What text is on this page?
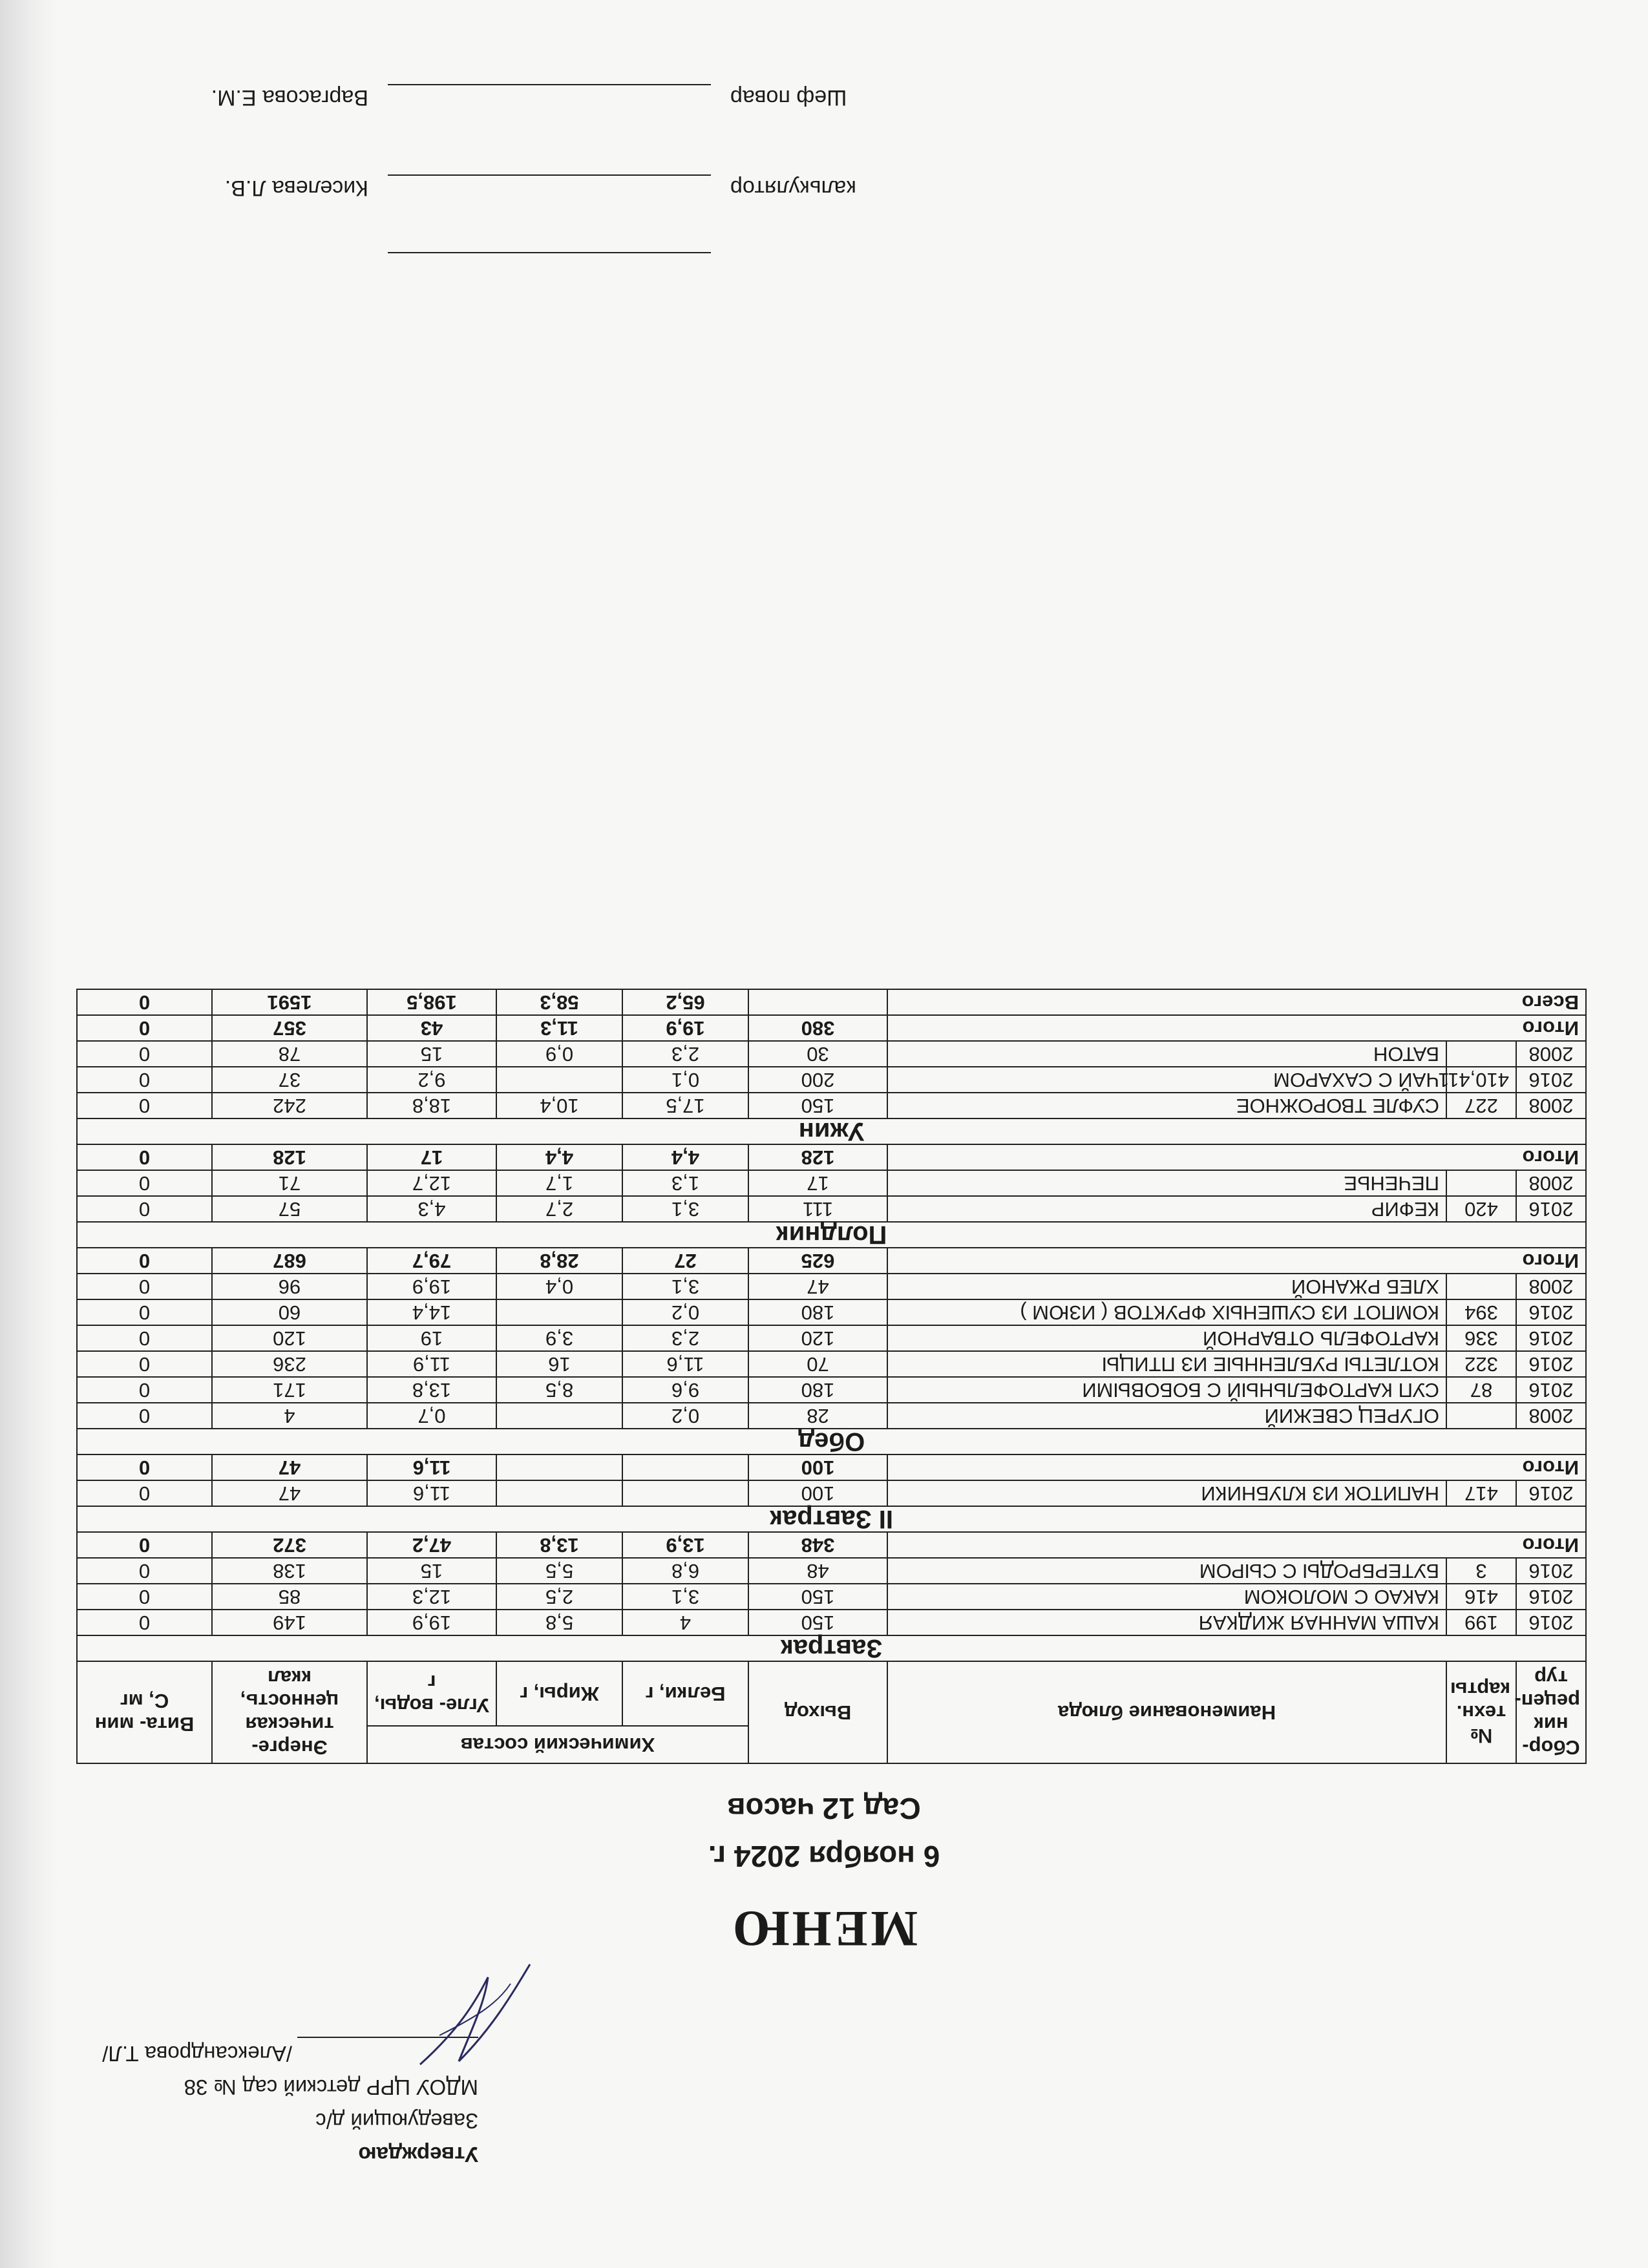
Утверждаю
Заведующий д/с
МДОУ ЦРР детский сад № 38
/Александрова Т.Л/
МЕНЮ
6 ноября 2024 г.
Сад 12 часов
Сбор- ник рецеп- тур	№ техн. карты	Наименование блюда	Выход	Химический состав			Энерге- тическая ценность, ккал	Вита- мин С, мг
				Белки, г	Жиры, г	Угле- воды, г		
Завтрак								
2016	199	КАША МАННАЯ ЖИДКАЯ	150	4	5,8	19,9	149	0
2016	416	КАКАО С МОЛОКОМ	150	3,1	2,5	12,3	85	0
2016	3	БУТЕРБРОДЫ С СЫРОМ	48	6,8	5,5	15	138	0
Итого			348	13,9	13,8	47,2	372	0
II Завтрак								
2016	417	НАПИТОК ИЗ КЛУБНИКИ	100			11,6	47	0
Итого			100			11,6	47	0
Обед								
2008		ОГУРЕЦ СВЕЖИЙ	28	0,2		0,7	4	0
2016	87	СУП КАРТОФЕЛЬНЫЙ С БОБОВЫМИ	180	9,6	8,5	13,8	171	0
2016	322	КОТЛЕТЫ РУБЛЕННЫЕ ИЗ ПТИЦЫ	70	11,6	16	11,9	236	0
2016	336	КАРТОФЕЛЬ ОТВАРНОЙ	120	2,3	3,9	19	120	0
2016	394	КОМПОТ ИЗ СУШЕНЫХ ФРУКТОВ ( ИЗЮМ )	180	0,2		14,4	60	0
2008		ХЛЕБ РЖАНОЙ	47	3,1	0,4	19,9	96	0
Итого			625	27	28,8	79,7	687	0
Полдник								
2016	420	КЕФИР	111	3,1	2,7	4,3	57	0
2008		ПЕЧЕНЬЕ	17	1,3	1,7	12,7	71	0
Итого			128	4,4	4,4	17	128	0
Ужин								
2008	227	СУФЛЕ ТВОРОЖНОЕ	150	17,5	10,4	18,8	242	0
2016	410,411	ЧАЙ С САХАРОМ	200	0,1		9,2	37	0
2008		БАТОН	30	2,3	0,9	15	78	0
Итого			380	19,9	11,3	43	357	0
Всего				65,2	58,3	198,5	1591	0
калькулятор
Киселева Л.В.
Шеф повар
Варгасова Е.М.
